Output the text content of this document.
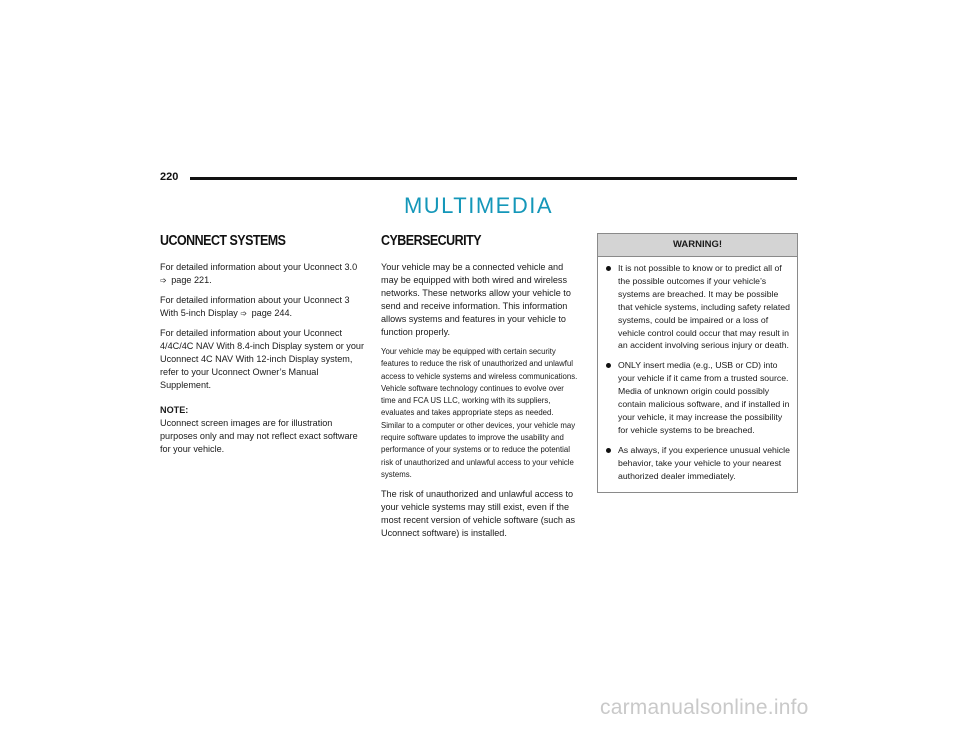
220
MULTIMEDIA
UCONNECT SYSTEMS

For detailed information about your Uconnect 3.0
➩ page 221.

For detailed information about your Uconnect 3 With 5-inch Display ➩ page 244.

For detailed information about your Uconnect 4/4C/4C NAV With 8.4-inch Display system or your Uconnect 4C NAV With 12-inch Display system, refer to your Uconnect Owner’s Manual Supplement.

NOTE:

Uconnect screen images are for illustration purposes only and may not reflect exact software for your vehicle.

CYBERSECURITY

Your vehicle may be a connected vehicle and may be equipped with both wired and wireless networks. These networks allow your vehicle to send and receive information. This information allows systems and features in your vehicle to function properly.

Your vehicle may be equipped with certain security features to reduce the risk of unauthorized and unlawful access to vehicle systems and wireless communications. Vehicle software technology continues to evolve over time and FCA US LLC, working with its suppliers, evaluates and takes appropriate steps as needed. Similar to a computer or other devices, your vehicle may require software updates to improve the usability and performance of your systems or to reduce the potential risk of unauthorized and unlawful access to your vehicle systems.

The risk of unauthorized and unlawful access to your vehicle systems may still exist, even if the most recent version of vehicle software (such as Uconnect software) is installed.

WARNING!
It is not possible to know or to predict all of the possible outcomes if your vehicle’s systems are breached. It may be possible that vehicle systems, including safety related systems, could be impaired or a loss of vehicle control could occur that may result in an accident involving serious injury or death.
ONLY insert media (e.g., USB or CD) into your vehicle if it came from a trusted source. Media of unknown origin could possibly contain malicious software, and if installed in your vehicle, it may increase the possibility for vehicle systems to be breached.
As always, if you experience unusual vehicle behavior, take your vehicle to your nearest authorized dealer immediately.
carmanualsonline.info
